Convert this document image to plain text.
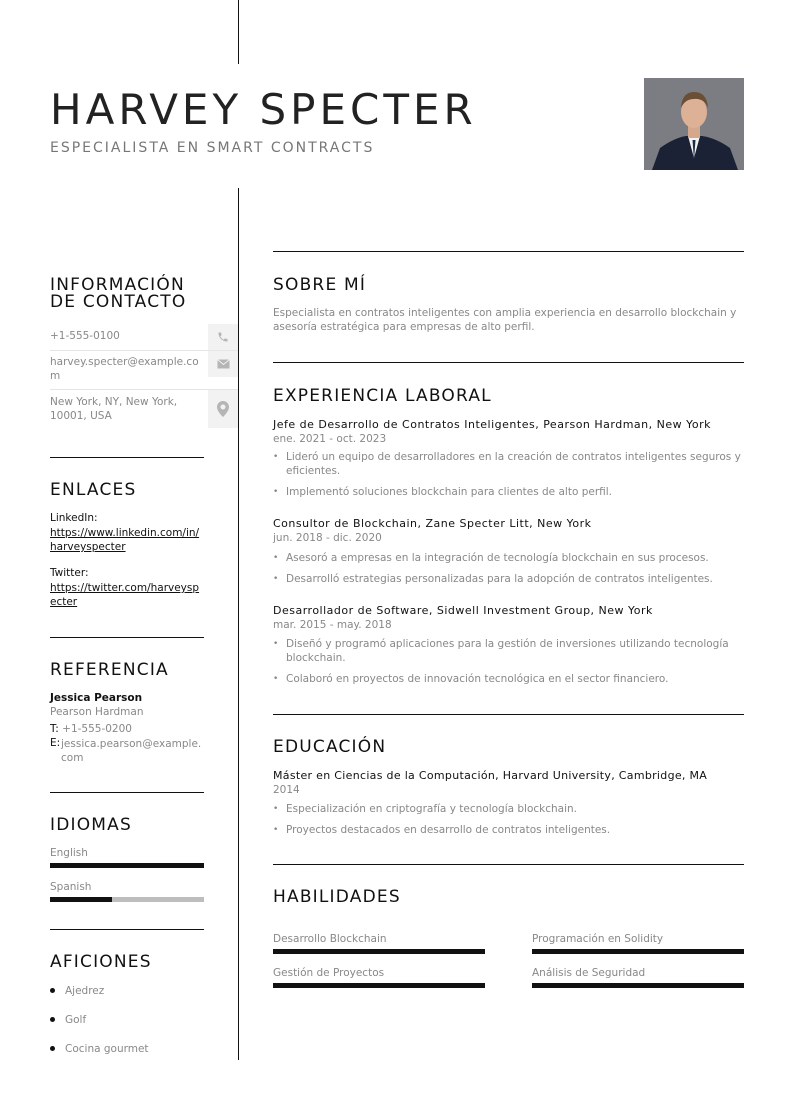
HARVEY SPECTER
ESPECIALISTA EN SMART CONTRACTS
INFORMACIÓN
DE CONTACTO
+1-555-0100
harvey.specter@example.com
New York, NY, New York, 10001, USA
ENLACES
LinkedIn:
https://www.linkedin.com/in/harveyspecter
Twitter:
https://twitter.com/harveyspecter
REFERENCIA
Jessica Pearson
Pearson Hardman
T: +1-555-0200
E: jessica.pearson@example.com
IDIOMAS
English
Spanish
AFICIONES
Ajedrez
Golf
Cocina gourmet
SOBRE MÍ
Especialista en contratos inteligentes con amplia experiencia en desarrollo blockchain y asesoría estratégica para empresas de alto perfil.
EXPERIENCIA LABORAL
Jefe de Desarrollo de Contratos Inteligentes, Pearson Hardman, New York
ene. 2021 - oct. 2023
• Lideró un equipo de desarrolladores en la creación de contratos inteligentes seguros y eficientes.
• Implementó soluciones blockchain para clientes de alto perfil.
Consultor de Blockchain, Zane Specter Litt, New York
jun. 2018 - dic. 2020
• Asesoró a empresas en la integración de tecnología blockchain en sus procesos.
• Desarrolló estrategias personalizadas para la adopción de contratos inteligentes.
Desarrollador de Software, Sidwell Investment Group, New York
mar. 2015 - may. 2018
• Diseñó y programó aplicaciones para la gestión de inversiones utilizando tecnología blockchain.
• Colaboró en proyectos de innovación tecnológica en el sector financiero.
EDUCACIÓN
Máster en Ciencias de la Computación, Harvard University, Cambridge, MA
2014
• Especialización en criptografía y tecnología blockchain.
• Proyectos destacados en desarrollo de contratos inteligentes.
HABILIDADES
Desarrollo Blockchain	Programación en Solidity
Gestión de Proyectos	Análisis de Seguridad
